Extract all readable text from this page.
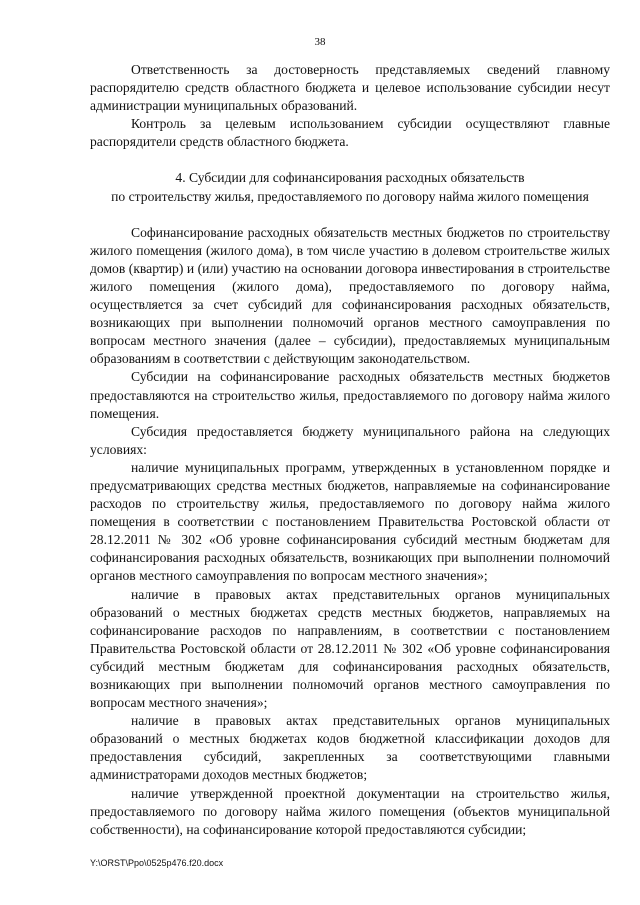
38

Ответственность за достоверность представляемых сведений главному распорядителю средств областного бюджета и целевое использование субсидии несут администрации муниципальных образований.

Контроль за целевым использованием субсидии осуществляют главные распорядители средств областного бюджета.

4. Субсидии для софинансирования расходных обязательств
по строительству жилья, предоставляемого по договору найма жилого помещения

Софинансирование расходных обязательств местных бюджетов по строительству жилого помещения (жилого дома), в том числе участию в долевом строительстве жилых домов (квартир) и (или) участию на основании договора инвестирования в строительстве жилого помещения (жилого дома), предоставляемого по договору найма, осуществляется за счет субсидий для софинансирования расходных обязательств, возникающих при выполнении полномочий органов местного самоуправления по вопросам местного значения (далее – субсидии), предоставляемых муниципальным образованиям в соответствии с действующим законодательством.

Субсидии на софинансирование расходных обязательств местных бюджетов предоставляются на строительство жилья, предоставляемого по договору найма жилого помещения.

Субсидия предоставляется бюджету муниципального района на следующих условиях:

наличие муниципальных программ, утвержденных в установленном порядке и предусматривающих средства местных бюджетов, направляемые на софинансирование расходов по строительству жилья, предоставляемого по договору найма жилого помещения в соответствии с постановлением Правительства Ростовской области от 28.12.2011 № 302 «Об уровне софинансирования субсидий местным бюджетам для софинансирования расходных обязательств, возникающих при выполнении полномочий органов местного самоуправления по вопросам местного значения»;

наличие в правовых актах представительных органов муниципальных образований о местных бюджетах средств местных бюджетов, направляемых на софинансирование расходов по направлениям, в соответствии с постановлением Правительства Ростовской области от 28.12.2011 № 302 «Об уровне софинансирования субсидий местным бюджетам для софинансирования расходных обязательств, возникающих при выполнении полномочий органов местного самоуправления по вопросам местного значения»;

наличие в правовых актах представительных органов муниципальных образований о местных бюджетах кодов бюджетной классификации доходов для предоставления субсидий, закрепленных за соответствующими главными администраторами доходов местных бюджетов;

наличие утвержденной проектной документации на строительство жилья, предоставляемого по договору найма жилого помещения (объектов муниципальной собственности), на софинансирование которой предоставляются субсидии;

Y:\ORST\Ppo\0525p476.f20.docx
